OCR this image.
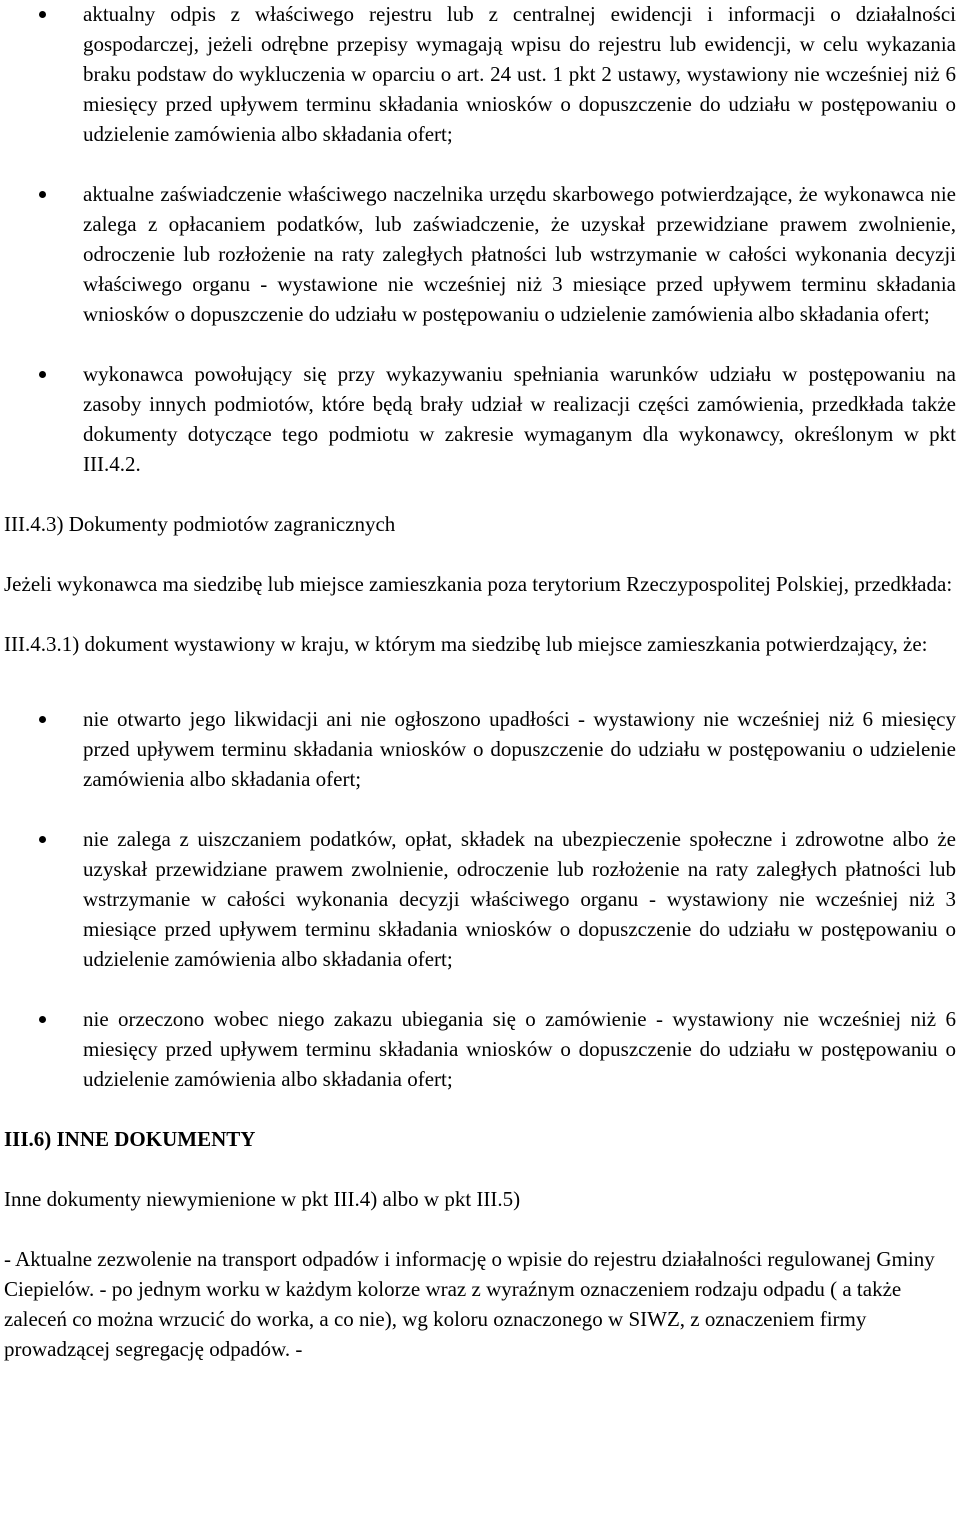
aktualny odpis z właściwego rejestru lub z centralnej ewidencji i informacji o działalności gospodarczej, jeżeli odrębne przepisy wymagają wpisu do rejestru lub ewidencji, w celu wykazania braku podstaw do wykluczenia w oparciu o art. 24 ust. 1 pkt 2 ustawy, wystawiony nie wcześniej niż 6 miesięcy przed upływem terminu składania wniosków o dopuszczenie do udziału w postępowaniu o udzielenie zamówienia albo składania ofert;
aktualne zaświadczenie właściwego naczelnika urzędu skarbowego potwierdzające, że wykonawca nie zalega z opłacaniem podatków, lub zaświadczenie, że uzyskał przewidziane prawem zwolnienie, odroczenie lub rozłożenie na raty zaległych płatności lub wstrzymanie w całości wykonania decyzji właściwego organu - wystawione nie wcześniej niż 3 miesiące przed upływem terminu składania wniosków o dopuszczenie do udziału w postępowaniu o udzielenie zamówienia albo składania ofert;
wykonawca powołujący się przy wykazywaniu spełniania warunków udziału w postępowaniu na zasoby innych podmiotów, które będą brały udział w realizacji części zamówienia, przedkłada także dokumenty dotyczące tego podmiotu w zakresie wymaganym dla wykonawcy, określonym w pkt III.4.2.

III.4.3) Dokumenty podmiotów zagranicznych

Jeżeli wykonawca ma siedzibę lub miejsce zamieszkania poza terytorium Rzeczypospolitej Polskiej, przedkłada:

III.4.3.1) dokument wystawiony w kraju, w którym ma siedzibę lub miejsce zamieszkania potwierdzający, że:

nie otwarto jego likwidacji ani nie ogłoszono upadłości - wystawiony nie wcześniej niż 6 miesięcy przed upływem terminu składania wniosków o dopuszczenie do udziału w postępowaniu o udzielenie zamówienia albo składania ofert;
nie zalega z uiszczaniem podatków, opłat, składek na ubezpieczenie społeczne i zdrowotne albo że uzyskał przewidziane prawem zwolnienie, odroczenie lub rozłożenie na raty zaległych płatności lub wstrzymanie w całości wykonania decyzji właściwego organu - wystawiony nie wcześniej niż 3 miesiące przed upływem terminu składania wniosków o dopuszczenie do udziału w postępowaniu o udzielenie zamówienia albo składania ofert;
nie orzeczono wobec niego zakazu ubiegania się o zamówienie - wystawiony nie wcześniej niż 6 miesięcy przed upływem terminu składania wniosków o dopuszczenie do udziału w postępowaniu o udzielenie zamówienia albo składania ofert;

III.6) INNE DOKUMENTY

Inne dokumenty niewymienione w pkt III.4) albo w pkt III.5)

- Aktualne zezwolenie na transport odpadów i informację o wpisie do rejestru działalności regulowanej Gminy Ciepielów. - po jednym worku w każdym kolorze wraz z wyraźnym oznaczeniem rodzaju odpadu ( a także zaleceń co można wrzucić do worka, a co nie), wg koloru oznaczonego w SIWZ, z oznaczeniem firmy prowadzącej segregację odpadów. -
